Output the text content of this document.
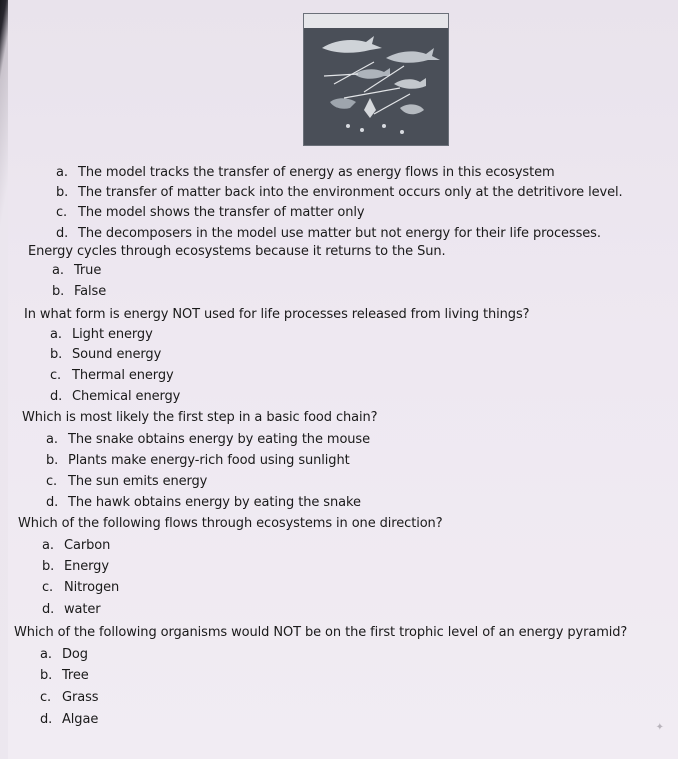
a. The model tracks the transfer of energy as energy flows in this ecosystem
b. The transfer of matter back into the environment occurs only at the detritivore level.
c. The model shows the transfer of matter only
d. The decomposers in the model use matter but not energy for their life processes.
Energy cycles through ecosystems because it returns to the Sun.
a. True
b. False
In what form is energy NOT used for life processes released from living things?
a. Light energy
b. Sound energy
c. Thermal energy
d. Chemical energy
Which is most likely the first step in a basic food chain?
a. The snake obtains energy by eating the mouse
b. Plants make energy-rich food using sunlight
c. The sun emits energy
d. The hawk obtains energy by eating the snake
Which of the following flows through ecosystems in one direction?
a. Carbon
b. Energy
c. Nitrogen
d. water
Which of the following organisms would NOT be on the first trophic level of an energy pyramid?
a. Dog
b. Tree
c. Grass
d. Algae
✦
